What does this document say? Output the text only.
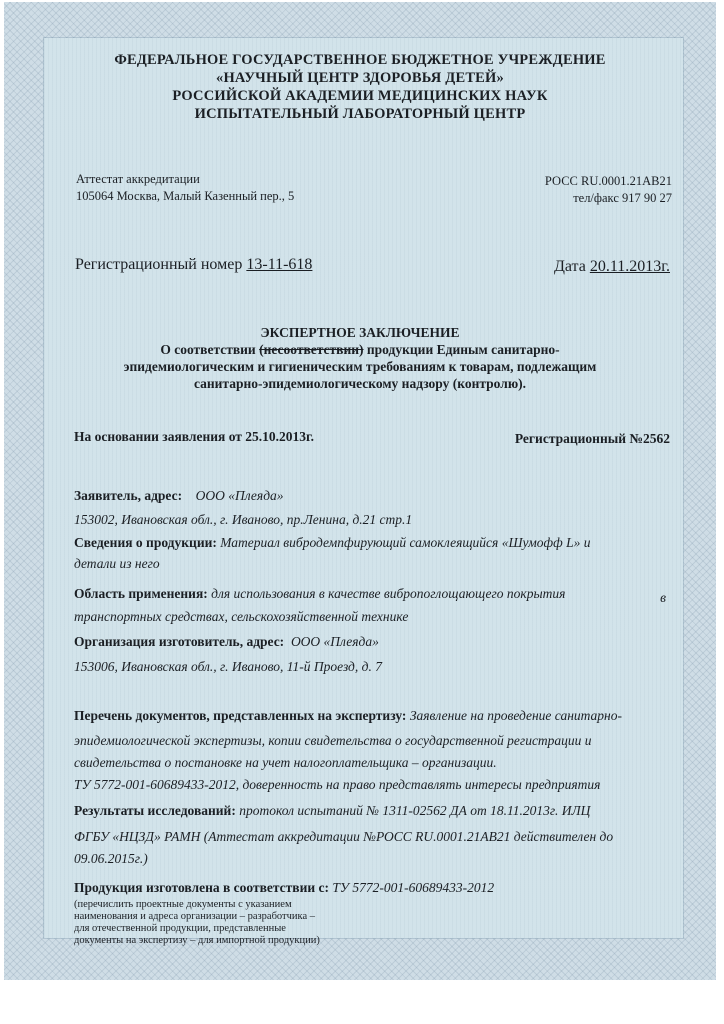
ФЕДЕРАЛЬНОЕ ГОСУДАРСТВЕННОЕ БЮДЖЕТНОЕ УЧРЕЖДЕНИЕ
«НАУЧНЫЙ ЦЕНТР ЗДОРОВЬЯ ДЕТЕЙ»
РОССИЙСКОЙ АКАДЕМИИ МЕДИЦИНСКИХ НАУК
ИСПЫТАТЕЛЬНЫЙ ЛАБОРАТОРНЫЙ ЦЕНТР
Аттестат аккредитации
105064 Москва, Малый Казенный пер., 5
РОСС RU.0001.21АВ21
тел/факс 917 90 27
Регистрационный номер 13-11-618	Дата 20.11.2013г.
ЭКСПЕРТНОЕ ЗАКЛЮЧЕНИЕ
О соответствии (несоответствии) продукции Единым санитарно-
эпидемиологическим и гигиеническим требованиям к товарам, подлежащим
санитарно-эпидемиологическому надзору (контролю).
На основании заявления от 25.10.2013г.	Регистрационный №2562
Заявитель, адрес: ООО «Плеяда»
153002, Ивановская обл., г. Иваново, пр.Ленина, д.21 стр.1
Сведения о продукции: Материал вибродемпфирующий самоклеящийся «Шумофф L» и
детали из него
Область применения: для использования в качестве вибропоглощающего покрытия	в
транспортных средствах, сельскохозяйственной технике
Организация изготовитель, адрес: ООО «Плеяда»
153006, Ивановская обл., г. Иваново, 11-й Проезд, д. 7
Перечень документов, представленных на экспертизу: Заявление на проведение санитарно-
эпидемиологической экспертизы, копии свидетельства о государственной регистрации и
свидетельства о постановке на учет налогоплательщика – организации.
ТУ 5772-001-60689433-2012, доверенность на право представлять интересы предприятия
Результаты исследований: протокол испытаний № 1311-02562 ДА от 18.11.2013г. ИЛЦ
ФГБУ «НЦЗД» РАМН (Аттестат аккредитации №РОСС RU.0001.21АВ21 действителен до
09.06.2015г.)
Продукция изготовлена в соответствии с: ТУ 5772-001-60689433-2012
(перечислить проектные документы с указанием
наименования и адреса организации – разработчика –
для отечественной продукции, представленные
документы на экспертизу – для импортной продукции)
